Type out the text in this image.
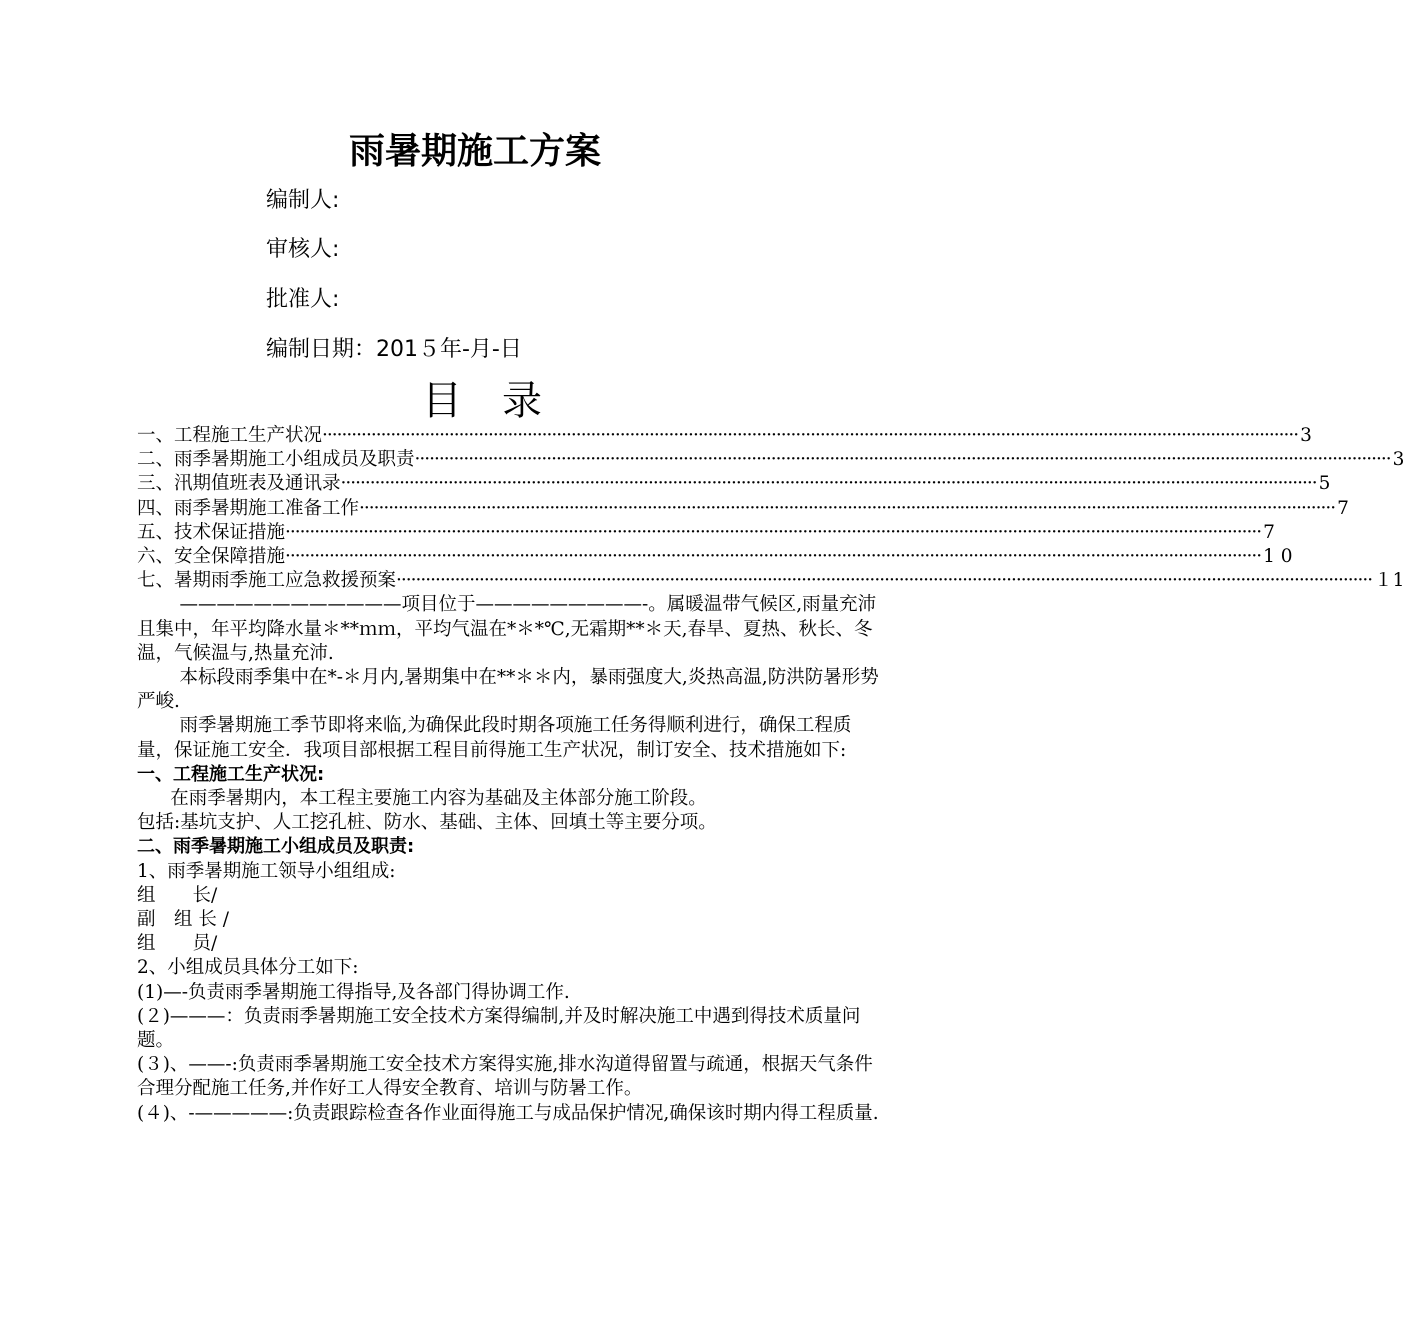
雨暑期施工方案
编制人:
审核人:
批准人:
编制日期：201５年-月-日
目录
一、工程施工生产状况 ········································································································································································································ 3
二、雨季暑期施工小组成员及职责 ········································································································································································································ 3
三、汛期值班表及通讯录 ········································································································································································································ 5
四、雨季暑期施工准备工作 ········································································································································································································ 7
五、技术保证措施 ········································································································································································································ 7
六、安全保障措施 ········································································································································································································ 1 0
七、暑期雨季施工应急救援预案 ········································································································································································································ １1

————————————项目位于—————————-。属暖温带气候区,雨量充沛且集中，年平均降水量＊**ｍｍ，平均气温在*＊*℃,无霜期**＊天,春旱、夏热、秋长、冬温，气候温与,热量充沛.

本标段雨季集中在*-＊月内,暑期集中在**＊＊内，暴雨强度大,炎热高温,防洪防暑形势严峻.

雨季暑期施工季节即将来临,为确保此段时期各项施工任务得顺利进行，确保工程质量，保证施工安全．我项目部根据工程目前得施工生产状况，制订安全、技术措施如下:

一、工程施工生产状况:

在雨季暑期内，本工程主要施工内容为基础及主体部分施工阶段。

包括:基坑支护、人工挖孔桩、防水、基础、主体、回填土等主要分项。

二、雨季暑期施工小组成员及职责:

1、雨季暑期施工领导小组组成:

组  长/

副 组 长 /

组  员/

2、小组成员具体分工如下:

(1)—-负责雨季暑期施工得指导,及各部门得协调工作.

(２)———：负责雨季暑期施工安全技术方案得编制,并及时解决施工中遇到得技术质量问题。

(３)、——-:负责雨季暑期施工安全技术方案得实施,排水沟道得留置与疏通，根据天气条件合理分配施工任务,并作好工人得安全教育、培训与防暑工作。

(４)、-—————:负责跟踪检查各作业面得施工与成品保护情况,确保该时期内得工程质量.
